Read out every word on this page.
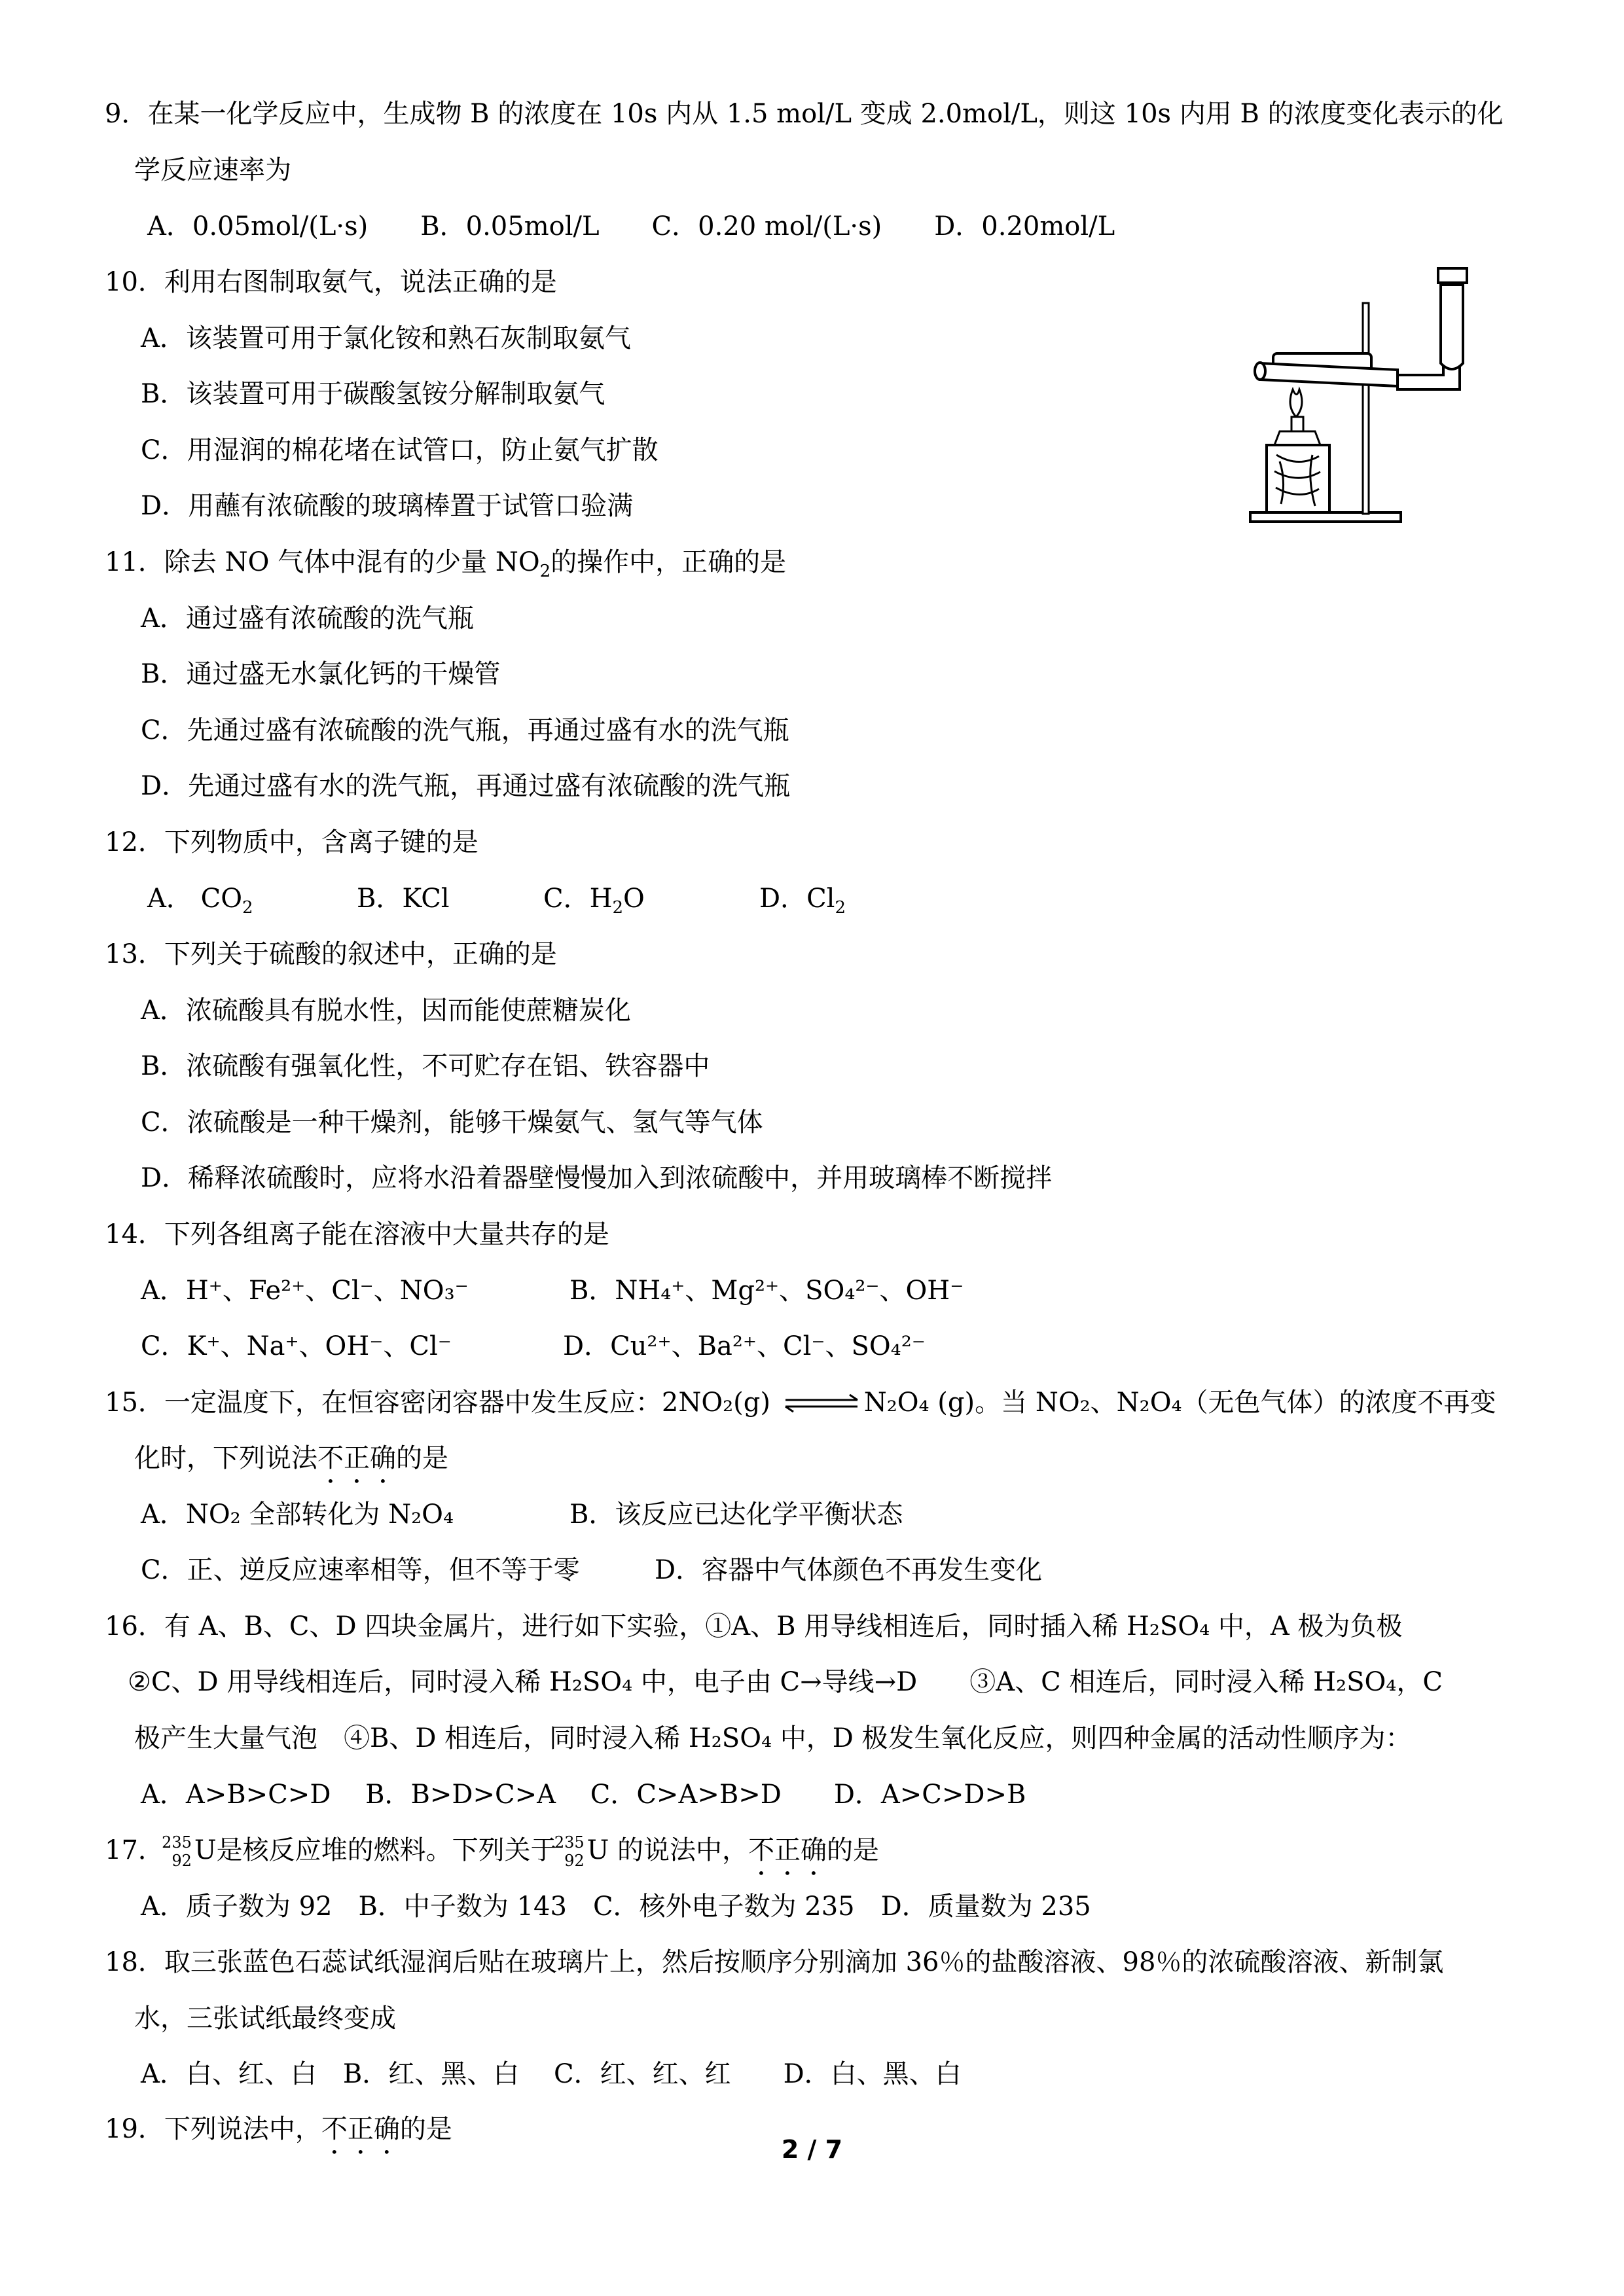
9．在某一化学反应中，生成物 B 的浓度在 10s 内从 1.5 mol/L 变成 2.0mol/L，则这 10s 内用 B 的浓度变化表示的化
学反应速率为
A．0.05mol/(L·s)　　B．0.05mol/L　　C．0.20 mol/(L·s)　　D．0.20mol/L
10．利用右图制取氨气，说法正确的是
A．该装置可用于氯化铵和熟石灰制取氨气
B．该装置可用于碳酸氢铵分解制取氨气
C．用湿润的棉花堵在试管口，防止氨气扩散
D．用蘸有浓硫酸的玻璃棒置于试管口验满
11．除去 NO 气体中混有的少量 $NO_2$的操作中，正确的是
A．通过盛有浓硫酸的洗气瓶
B．通过盛无水氯化钙的干燥管
C．先通过盛有浓硫酸的洗气瓶，再通过盛有水的洗气瓶
D．先通过盛有水的洗气瓶，再通过盛有浓硫酸的洗气瓶
12．下列物质中，含离子键的是
A． $CO_2$	B．KCl	C．$H_2O$	D．$Cl_2$
13．下列关于硫酸的叙述中，正确的是
A．浓硫酸具有脱水性，因而能使蔗糖炭化
B．浓硫酸有强氧化性，不可贮存在铝、铁容器中
C．浓硫酸是一种干燥剂，能够干燥氨气、氢气等气体
D．稀释浓硫酸时，应将水沿着器壁慢慢加入到浓硫酸中，并用玻璃棒不断搅拌
14．下列各组离子能在溶液中大量共存的是
A．H⁺、Fe²⁺、Cl⁻、NO₃⁻	B．NH₄⁺、Mg²⁺、SO₄²⁻、OH⁻
C．K⁺、Na⁺、OH⁻、Cl⁻	D．Cu²⁺、Ba²⁺、Cl⁻、SO₄²⁻
15．一定温度下，在恒容密闭容器中发生反应：2NO₂(g) ⇌N₂O₄ (g)。当 NO₂、N₂O₄（无色气体）的浓度不再变
化时，下列说法不正确的是
A．NO₂ 全部转化为 N₂O₄	B．该反应已达化学平衡状态
C．正、逆反应速率相等，但不等于零	D．容器中气体颜色不再发生变化
16．有 A、B、C、D 四块金属片，进行如下实验，①A、B 用导线相连后，同时插入稀 H₂SO₄ 中，A 极为负极
②C、D 用导线相连后，同时浸入稀 H₂SO₄ 中，电子由 C→导线→D　　③A、C 相连后，同时浸入稀 H₂SO₄，C
极产生大量气泡　④B、D 相连后，同时浸入稀 H₂SO₄ 中，D 极发生氧化反应，则四种金属的活动性顺序为：
A．A>B>C>D　 B．B>D>C>A　 C．C>A>B>D　　D．A>C>D>B
17．
235
92 U是核反应堆的燃料。下列关于
235
92 U 的说法中，不正确的是
A．质子数为 92　B．中子数为 143　C．核外电子数为 235　D．质量数为 235
18．取三张蓝色石蕊试纸湿润后贴在玻璃片上，然后按顺序分别滴加 36％的盐酸溶液、98％的浓硫酸溶液、新制氯
水，三张试纸最终变成
A．白、红、白　B．红、黑、白　 C．红、红、红　　D．白、黑、白
19．下列说法中，不正确的是
2 / 7
